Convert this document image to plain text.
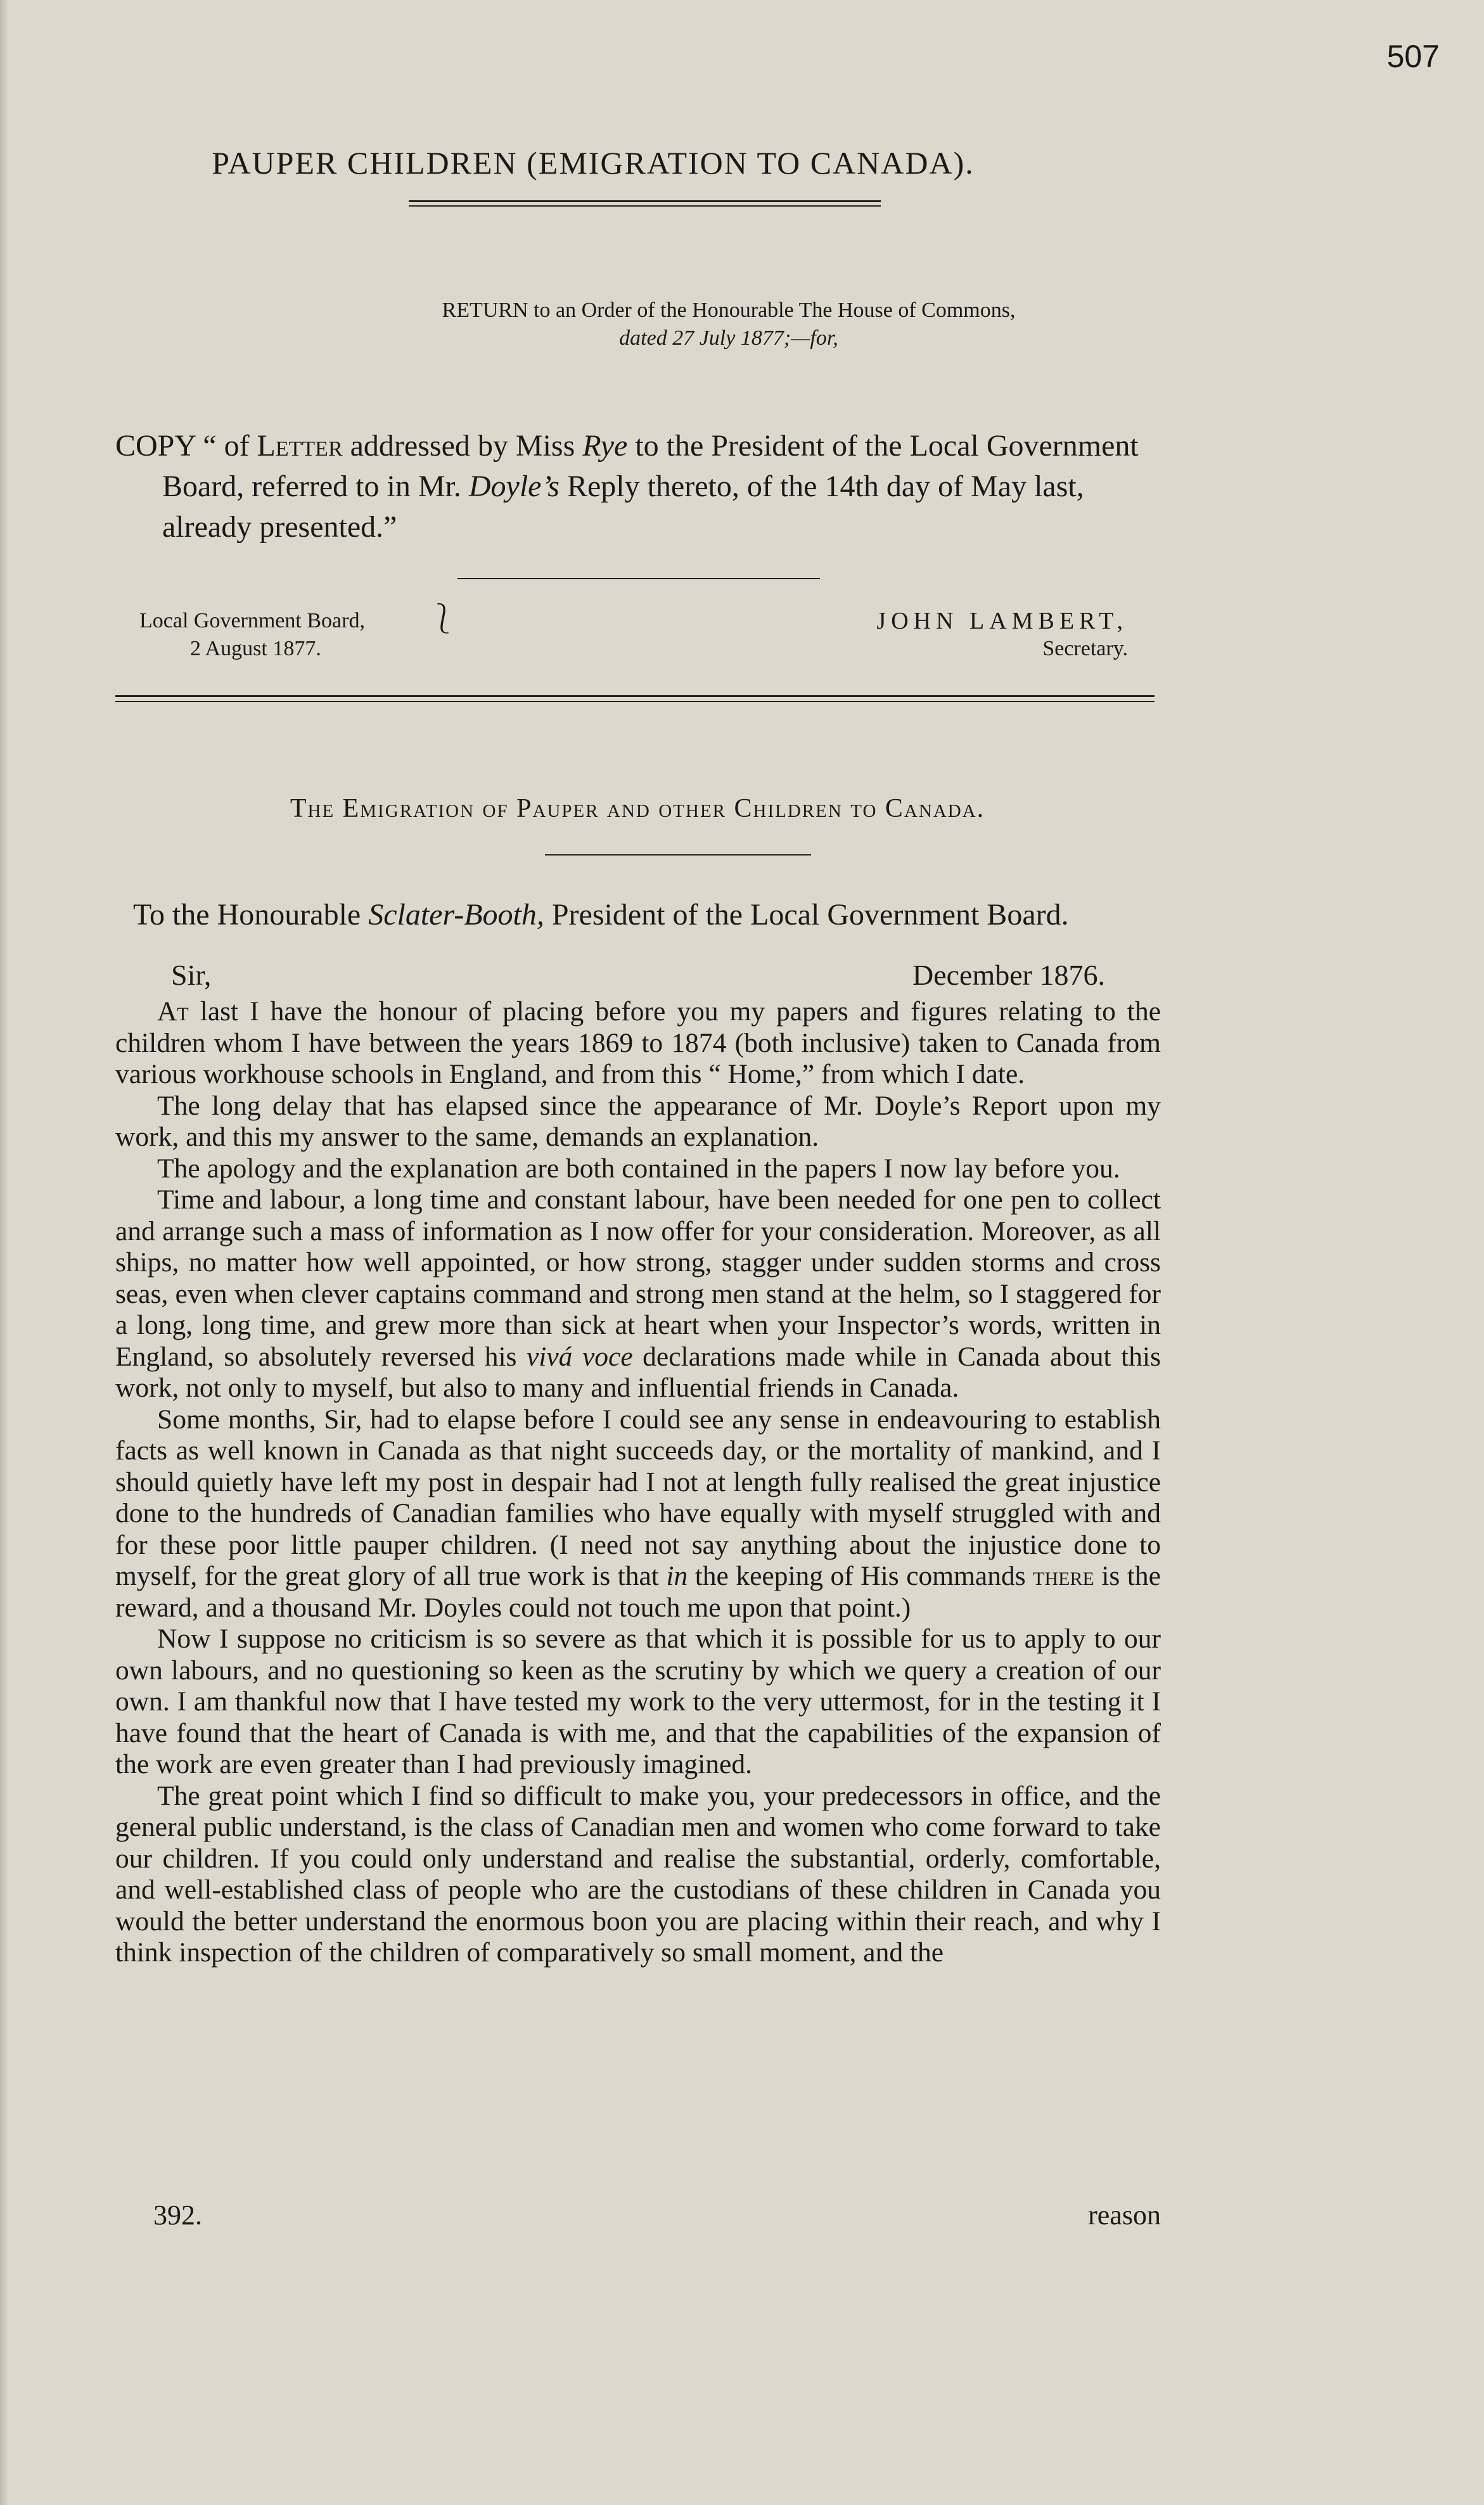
507
PAUPER CHILDREN (EMIGRATION TO CANADA).
RETURN to an Order of the Honourable The House of Commons,
dated 27 July 1877;—for,

COPY “ of Letter addressed by Miss Rye to the President of the Local Government Board, referred to in Mr. Doyle’s Reply thereto, of the 14th day of May last, already presented.”

Local Government Board,
2 August 1877.
⎱	JOHN LAMBERT,
Secretary.
The Emigration of Pauper and other Children to Canada.
To the Honourable Sclater-Booth, President of the Local Government Board.
Sir,	December 1876.

At last I have the honour of placing before you my papers and figures relating to the children whom I have between the years 1869 to 1874 (both inclusive) taken to Canada from various workhouse schools in England, and from this “ Home,” from which I date.

The long delay that has elapsed since the appearance of Mr. Doyle’s Report upon my work, and this my answer to the same, demands an explanation.

The apology and the explanation are both contained in the papers I now lay before you.

Time and labour, a long time and constant labour, have been needed for one pen to collect and arrange such a mass of information as I now offer for your consideration. Moreover, as all ships, no matter how well appointed, or how strong, stagger under sudden storms and cross seas, even when clever captains command and strong men stand at the helm, so I staggered for a long, long time, and grew more than sick at heart when your Inspector’s words, written in England, so absolutely reversed his vivá voce declarations made while in Canada about this work, not only to myself, but also to many and influential friends in Canada.

Some months, Sir, had to elapse before I could see any sense in endeavouring to establish facts as well known in Canada as that night succeeds day, or the mortality of mankind, and I should quietly have left my post in despair had I not at length fully realised the great injustice done to the hundreds of Canadian families who have equally with myself struggled with and for these poor little pauper children. (I need not say anything about the injustice done to myself, for the great glory of all true work is that in the keeping of His commands there is the reward, and a thousand Mr. Doyles could not touch me upon that point.)

Now I suppose no criticism is so severe as that which it is possible for us to apply to our own labours, and no questioning so keen as the scrutiny by which we query a creation of our own. I am thankful now that I have tested my work to the very uttermost, for in the testing it I have found that the heart of Canada is with me, and that the capabilities of the expansion of the work are even greater than I had previously imagined.

The great point which I find so difficult to make you, your predecessors in office, and the general public understand, is the class of Canadian men and women who come forward to take our children. If you could only understand and realise the substantial, orderly, comfortable, and well-established class of people who are the custodians of these children in Canada you would the better understand the enormous boon you are placing within their reach, and why I think inspection of the children of comparatively so small moment, and the

392.	reason
